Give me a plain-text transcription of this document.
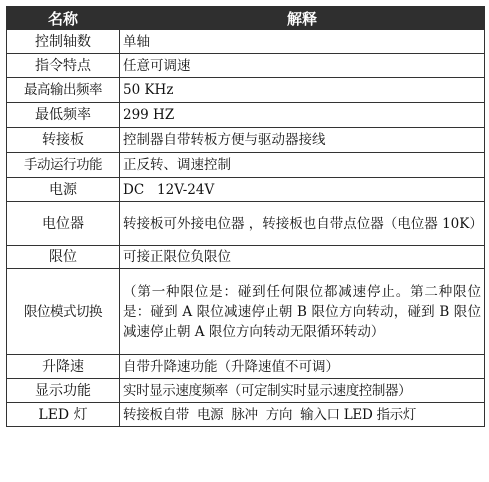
名称	解释
控制轴数	单轴
指令特点	任意可调速
最高输出频率	50 KHz
最低频率	299 HZ
转接板	控制器自带转板方便与驱动器接线
手动运行功能	正反转、调速控制
电源	DC   12V-24V
电位器	转接板可外接电位器 ，转接板也自带点位器（电位器 10K）
限位	可接正限位负限位
限位模式切换	（第一种限位是：碰到任何限位都减速停止。第二种限位是：碰到 A 限位减速停止朝 B 限位方向转动，碰到 B 限位减速停止朝 A 限位方向转动无限循环转动）
升降速	自带升降速功能（升降速值不可调）
显示功能	实时显示速度频率（可定制实时显示速度控制器）
LED 灯	转接板自带  电源  脉冲  方向  输入口 LED 指示灯
